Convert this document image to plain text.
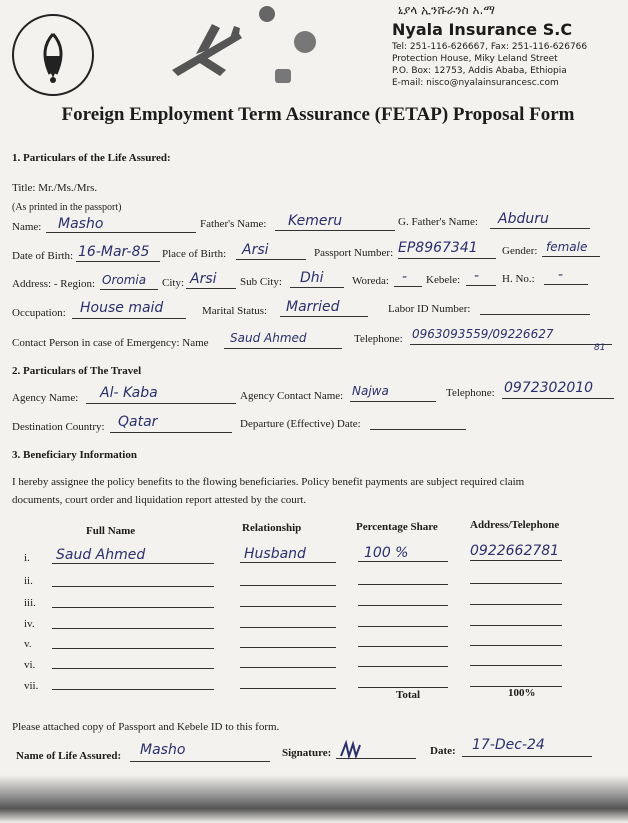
ኒያላ ኢንሹራንስ አ.ማ
Nyala Insurance S.C
Tel: 251-116-626667, Fax: 251-116-626766
Protection House, Miky Leland Street
P.O. Box: 12753, Addis Ababa, Ethiopia
E-mail: nisco@nyalainsurancesc.com
Foreign Employment Term Assurance (FETAP) Proposal Form
1. Particulars of the Life Assured:
Title: Mr./Ms./Mrs.
(As printed in the passport)
Name: Masho	Father's Name: Kemeru	G. Father's Name: Abduru
Date of Birth: 16-Mar-85 Place of Birth: Arsi	Passport Number: EP8967341 Gender: female
Address: - Region: Oromia City: Arsi Sub City: Dhi	Woreda: - Kebele: - H. No.: -
Occupation: House maid	Marital Status: Married	Labor ID Number:
Contact Person in case of Emergency: Name Saud Ahmed	Telephone: 0963093559/09226627
81
2. Particulars of The Travel
Agency Name: Al- Kaba	Agency Contact Name: Najwa	Telephone: 0972302010
Destination Country: Qatar	Departure (Effective) Date:
3. Beneficiary Information
I hereby assignee the policy benefits to the flowing beneficiaries. Policy benefit payments are subject required claim
documents, court order and liquidation report attested by the court.
Full Name	Relationship	Percentage Share	Address/Telephone
i. Saud Ahmed	Husband	100 %	0922662781
ii.
iii.
iv.
v.
vi.
vii.
Total	100%
Please attached copy of Passport and Kebele ID to this form.
Name of Life Assured: Masho	Signature:	Date: 17-Dec-24
